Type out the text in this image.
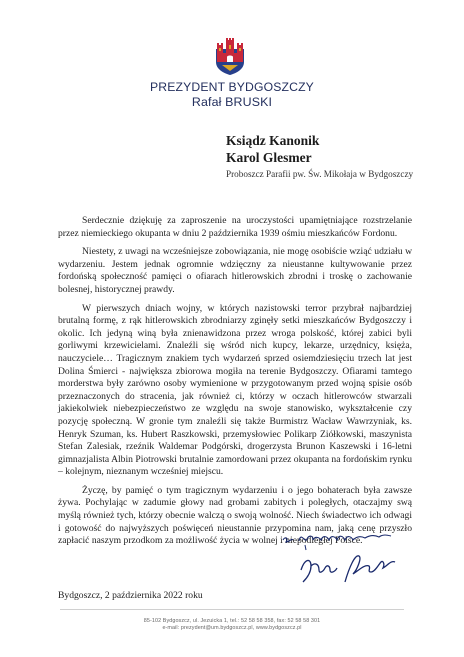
PREZYDENT BYDGOSZCZY
Rafał BRUSKI
Ksiądz Kanonik
Karol Glesmer
Proboszcz Parafii pw. Św. Mikołaja w Bydgoszczy

Serdecznie dziękuję za zaproszenie na uroczystości upamiętniające rozstrzelanie przez niemieckiego okupanta w dniu 2 października 1939 ośmiu mieszkańców Fordonu.

Niestety, z uwagi na wcześniejsze zobowiązania, nie mogę osobiście wziąć udziału w wydarzeniu. Jestem jednak ogromnie wdzięczny za nieustanne kultywowanie przez fordońską społeczność pamięci o ofiarach hitlerowskich zbrodni i troskę o zachowanie bolesnej, historycznej prawdy.

W pierwszych dniach wojny, w których nazistowski terror przybrał najbardziej brutalną formę, z rąk hitlerowskich zbrodniarzy zginęły setki mieszkańców Bydgoszczy i okolic. Ich jedyną winą była znienawidzona przez wroga polskość, której zabici byli gorliwymi krzewicielami. Znaleźli się wśród nich kupcy, lekarze, urzędnicy, księża, nauczyciele… Tragicznym znakiem tych wydarzeń sprzed osiemdziesięciu trzech lat jest Dolina Śmierci - największa zbiorowa mogiła na terenie Bydgoszczy. Ofiarami tamtego morderstwa były zarówno osoby wymienione w przygotowanym przed wojną spisie osób przeznaczonych do stracenia, jak również ci, którzy w oczach hitlerowców stwarzali jakiekolwiek niebezpieczeństwo ze względu na swoje stanowisko, wykształcenie czy pozycję społeczną. W gronie tym znaleźli się także Burmistrz Wacław Wawrzyniak, ks. Henryk Szuman, ks. Hubert Raszkowski, przemysłowiec Polikarp Ziółkowski, maszynista Stefan Zalesiak, rzeźnik Waldemar Podgórski, drogerzysta Brunon Kaszewski i 16-letni gimnazjalista Albin Piotrowski brutalnie zamordowani przez okupanta na fordońskim rynku – kolejnym, nieznanym wcześniej miejscu.

Życzę, by pamięć o tym tragicznym wydarzeniu i o jego bohaterach była zawsze żywa. Pochylając w zadumie głowy nad grobami zabitych i poległych, otaczajmy swą myślą również tych, którzy obecnie walczą o swoją wolność. Niech świadectwo ich odwagi i gotowość do najwyższych poświęceń nieustannie przypomina nam, jaką cenę przyszło zapłacić naszym przodkom za możliwość życia w wolnej i niepodległej Polsce.

Bydgoszcz, 2 października 2022 roku
85-102 Bydgoszcz, ul. Jezuicka 1, tel.: 52 58 58 358, fax: 52 58 58 301
e-mail: prezydent@um.bydgoszcz.pl, www.bydgoszcz.pl
